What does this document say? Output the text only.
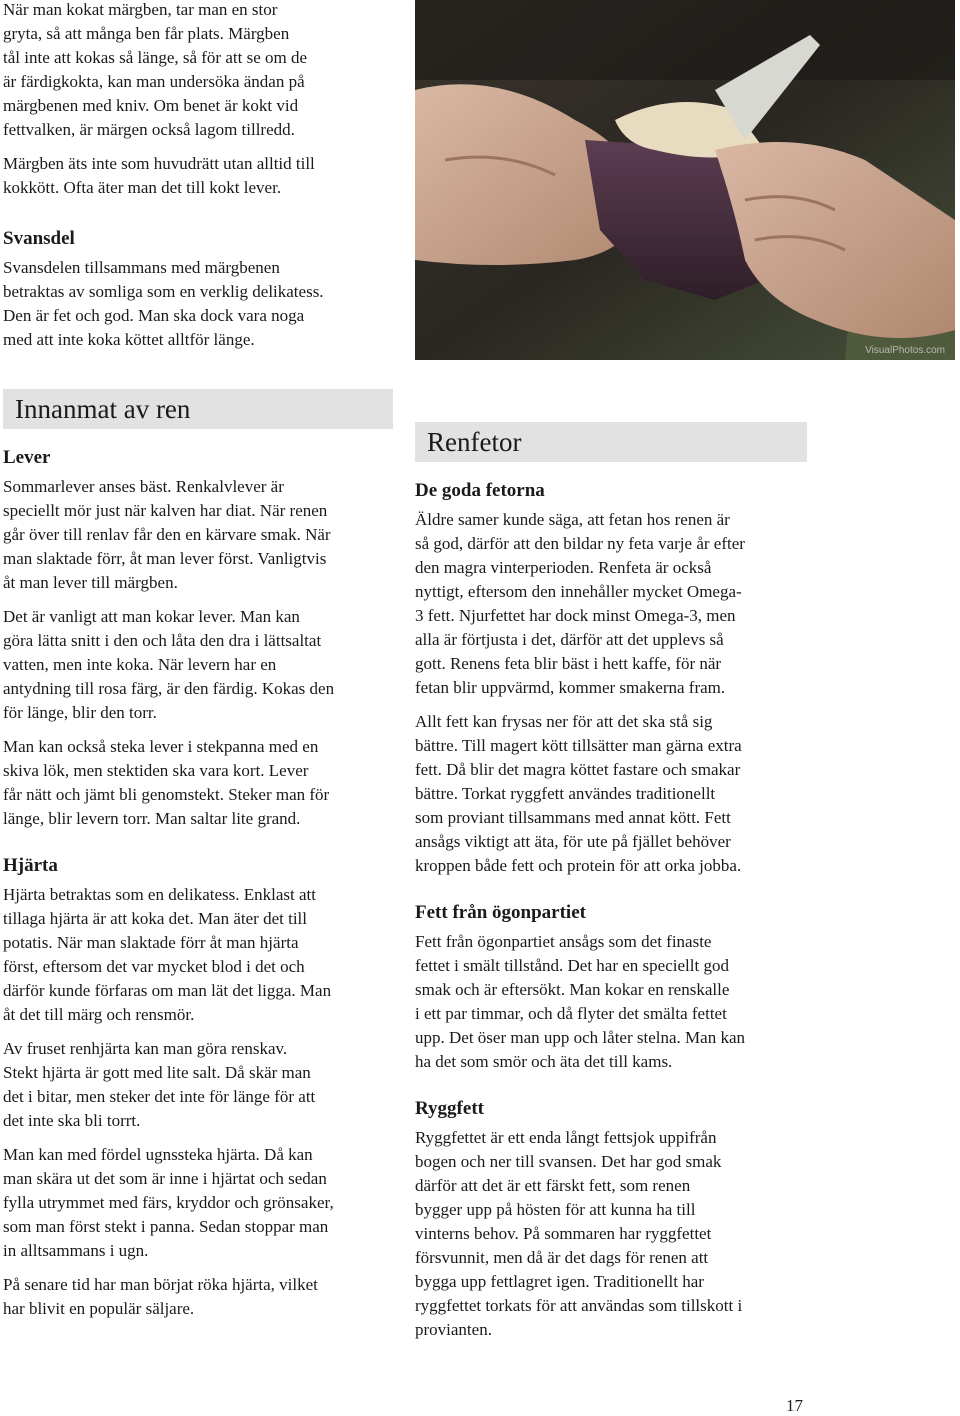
När man kokat märgben, tar man en stor
gryta, så att många ben får plats. Märgben
tål inte att kokas så länge, så för att se om de
är färdigkokta, kan man undersöka ändan på
märgbenen med kniv. Om benet är kokt vid
fettvalken, är märgen också lagom tillredd.

Märgben äts inte som huvudrätt utan alltid till
kokkött. Ofta äter man det till kokt lever.

Svansdel

Svansdelen tillsammans med märgbenen
betraktas av somliga som en verklig delikatess.
Den är fet och god. Man ska dock vara noga
med att inte koka köttet alltför länge.

VisualPhotos.com
Innanmat av ren
Lever

Sommarlever anses bäst. Renkalvlever är
speciellt mör just när kalven har diat. När renen
går över till renlav får den en kärvare smak. När
man slaktade förr, åt man lever först. Vanligtvis
åt man lever till märgben.

Det är vanligt att man kokar lever. Man kan
göra lätta snitt i den och låta den dra i lättsaltat
vatten, men inte koka. När levern har en
antydning till rosa färg, är den färdig. Kokas den
för länge, blir den torr.

Man kan också steka lever i stekpanna med en
skiva lök, men stektiden ska vara kort. Lever
får nätt och jämt bli genomstekt. Steker man för
länge, blir levern torr. Man saltar lite grand.

Hjärta

Hjärta betraktas som en delikatess. Enklast att
tillaga hjärta är att koka det. Man äter det till
potatis. När man slaktade förr åt man hjärta
först, eftersom det var mycket blod i det och
därför kunde förfaras om man lät det ligga. Man
åt det till märg och rensmör.

Av fruset renhjärta kan man göra renskav.
Stekt hjärta är gott med lite salt. Då skär man
det i bitar, men steker det inte för länge för att
det inte ska bli torrt.

Man kan med fördel ugnssteka hjärta. Då kan
man skära ut det som är inne i hjärtat och sedan
fylla utrymmet med färs, kryddor och grönsaker,
som man först stekt i panna. Sedan stoppar man
in alltsammans i ugn.

På senare tid har man börjat röka hjärta, vilket
har blivit en populär säljare.

Renfetor
De goda fetorna

Äldre samer kunde säga, att fetan hos renen är
så god, därför att den bildar ny feta varje år efter
den magra vinterperioden. Renfeta är också
nyttigt, eftersom den innehåller mycket Omega-
3 fett. Njurfettet har dock minst Omega-3, men
alla är förtjusta i det, därför att det upplevs så
gott. Renens feta blir bäst i hett kaffe, för när
fetan blir uppvärmd, kommer smakerna fram.

Allt fett kan frysas ner för att det ska stå sig
bättre. Till magert kött tillsätter man gärna extra
fett. Då blir det magra köttet fastare och smakar
bättre. Torkat ryggfett användes traditionellt
som proviant tillsammans med annat kött. Fett
ansågs viktigt att äta, för ute på fjället behöver
kroppen både fett och protein för att orka jobba.

Fett från ögonpartiet

Fett från ögonpartiet ansågs som det finaste
fettet i smält tillstånd. Det har en speciellt god
smak och är eftersökt. Man kokar en renskalle
i ett par timmar, och då flyter det smälta fettet
upp. Det öser man upp och låter stelna. Man kan
ha det som smör och äta det till kams.

Ryggfett

Ryggfettet är ett enda långt fettsjok uppifrån
bogen och ner till svansen. Det har god smak
därför att det är ett färskt fett, som renen
bygger upp på hösten för att kunna ha till
vinterns behov. På sommaren har ryggfettet
försvunnit, men då är det dags för renen att
bygga upp fettlagret igen. Traditionellt har
ryggfettet torkats för att användas som tillskott i
provianten.

17
